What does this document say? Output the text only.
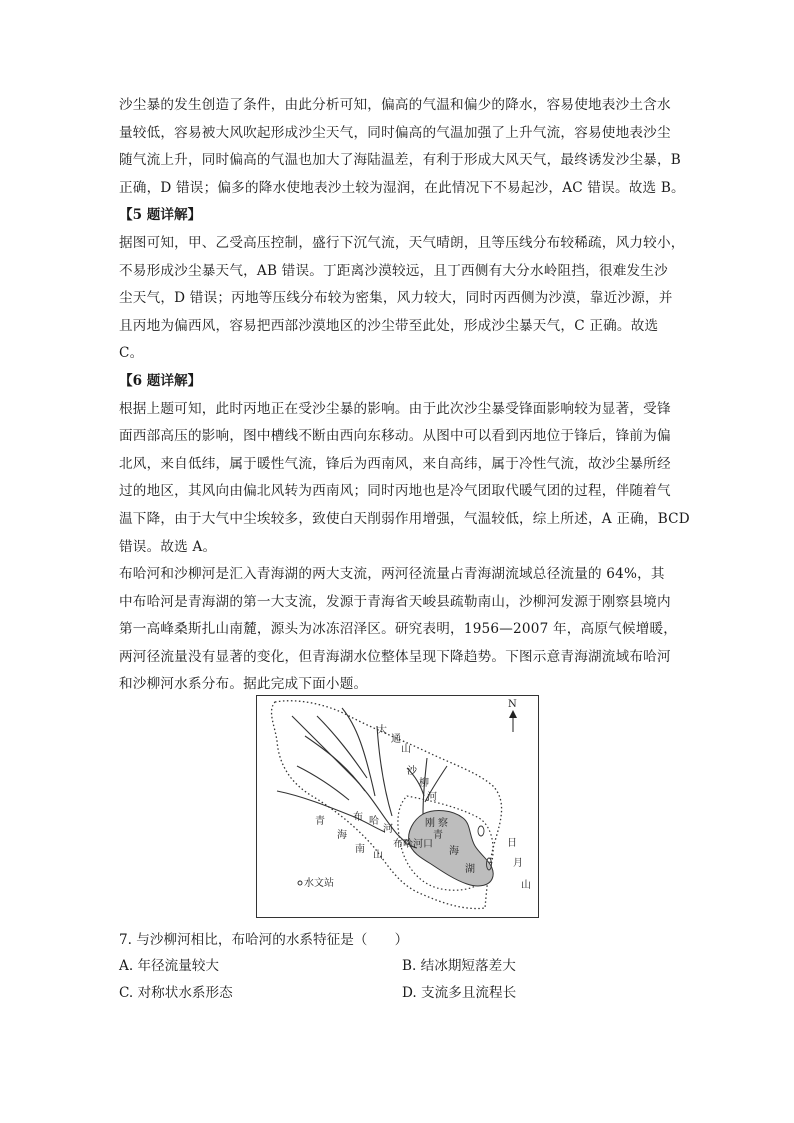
沙尘暴的发生创造了条件，由此分析可知，偏高的气温和偏少的降水，容易使地表沙土含水
量较低，容易被大风吹起形成沙尘天气，同时偏高的气温加强了上升气流，容易使地表沙尘
随气流上升，同时偏高的气温也加大了海陆温差，有利于形成大风天气，最终诱发沙尘暴，B
正确，D 错误；偏多的降水使地表沙土较为湿润，在此情况下不易起沙，AC 错误。故选 B。

【5 题详解】

据图可知，甲、乙受高压控制，盛行下沉气流，天气晴朗，且等压线分布较稀疏，风力较小，
不易形成沙尘暴天气，AB 错误。丁距离沙漠较远，且丁西侧有大分水岭阻挡，很难发生沙
尘天气，D 错误；丙地等压线分布较为密集，风力较大，同时丙西侧为沙漠，靠近沙源，并
且丙地为偏西风，容易把西部沙漠地区的沙尘带至此处，形成沙尘暴天气，C 正确。故选
C。

【6 题详解】

根据上题可知，此时丙地正在受沙尘暴的影响。由于此次沙尘暴受锋面影响较为显著，受锋
面西部高压的影响，图中槽线不断由西向东移动。从图中可以看到丙地位于锋后，锋前为偏
北风，来自低纬，属于暖性气流，锋后为西南风，来自高纬，属于冷性气流，故沙尘暴所经
过的地区，其风向由偏北风转为西南风；同时丙地也是冷气团取代暖气团的过程，伴随着气
温下降，由于大气中尘埃较多，致使白天削弱作用增强，气温较低，综上所述，A 正确，BCD
错误。故选 A。

布哈河和沙柳河是汇入青海湖的两大支流，两河径流量占青海湖流域总径流量的 64%，其
中布哈河是青海湖的第一大支流，发源于青海省天峻县疏勒南山，沙柳河发源于刚察县境内
第一高峰桑斯扎山南麓，源头为冰冻沼泽区。研究表明，1956—2007 年，高原气候增暖，
两河径流量没有显著的变化，但青海湖水位整体呈现下降趋势。下图示意青海湖流域布哈河
和沙柳河水系分布。据此完成下面小题。

N
大
通
山
沙
柳
河
刚 察
青
海
湖
日
月
山
青
海
南
山
布 哈
河
布哈河口
水文站
7. 与沙柳河相比，布哈河的水系特征是（　　）
A. 年径流量较大	B. 结冰期短落差大
C. 对称状水系形态	D. 支流多且流程长
